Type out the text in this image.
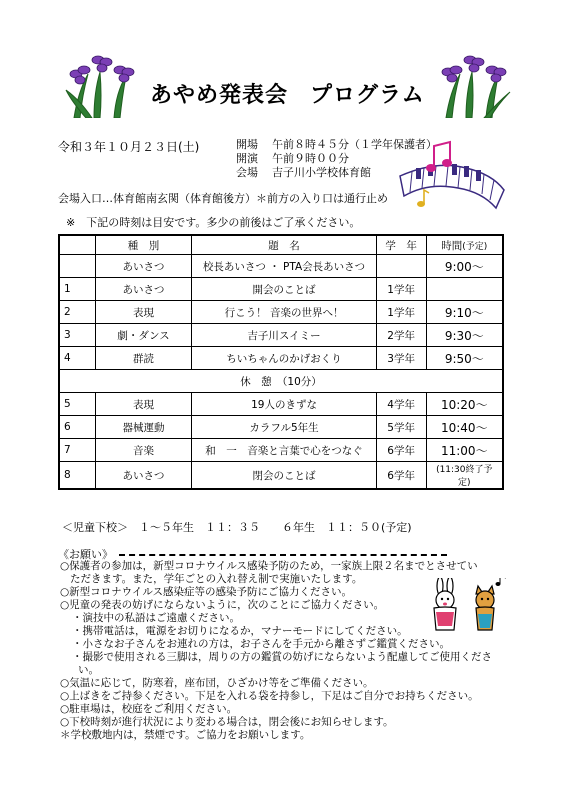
あやめ発表会 プログラム
令和３年１０月２３日(土)	開場 午前８時４５分（１学年保護者）
開演 午前９時００分
会場 吉子川小学校体育館
会場入口…体育館南玄関（体育館後方）＊前方の入り口は通行止め
※　下記の時刻は目安です。多少の前後はご了承ください。
	種　別	題　名	学　年	時間(予定)
	あいさつ	校長あいさつ ・ PTA会長あいさつ		9:00～
1	あいさつ	開会のことば	1学年	
2	表現	行こう！ 音楽の世界へ！	1学年	9:10～
3	劇・ダンス	吉子川スイミー	2学年	9:30～
4	群読	ちいちゃんのかげおくり	3学年	9:50～
休　憩　（10分）				
5	表現	19人のきずな	4学年	10:20～
6	器械運動	カラフル5年生	5学年	10:40～
7	音楽	和　一　音楽と言葉で心をつなぐ	6学年	11:00～
8	あいさつ	閉会のことば	6学年	(11:30終了予定)
＜児童下校＞　１～５年生　１１：３５　　６年生　１１：５０(予定)
《お願い》
○保護者の参加は，新型コロナウイルス感染予防のため，一家族上限２名までとさせてい
ただきます。また，学年ごとの入れ替え制で実施いたします。
○新型コロナウイルス感染症等の感染予防にご協力ください。
○児童の発表の妨げにならないように，次のことにご協力ください。
・演技中の私語はご遠慮ください。
・携帯電話は，電源をお切りになるか，マナーモードにしてください。
・小さなお子さんをお連れの方は，お子さんを手元から離さずご鑑賞ください。
・撮影で使用される三脚は，周りの方の鑑賞の妨げにならないよう配慮してご使用くださ
い。
○気温に応じて，防寒着，座布団，ひざかけ等をご準備ください。
○上ばきをご持参ください。下足を入れる袋を持参し，下足はご自分でお持ちください。
○駐車場は，校庭をご利用ください。
○下校時刻が進行状況により変わる場合は，閉会後にお知らせします。
＊学校敷地内は，禁煙です。ご協力をお願いします。
